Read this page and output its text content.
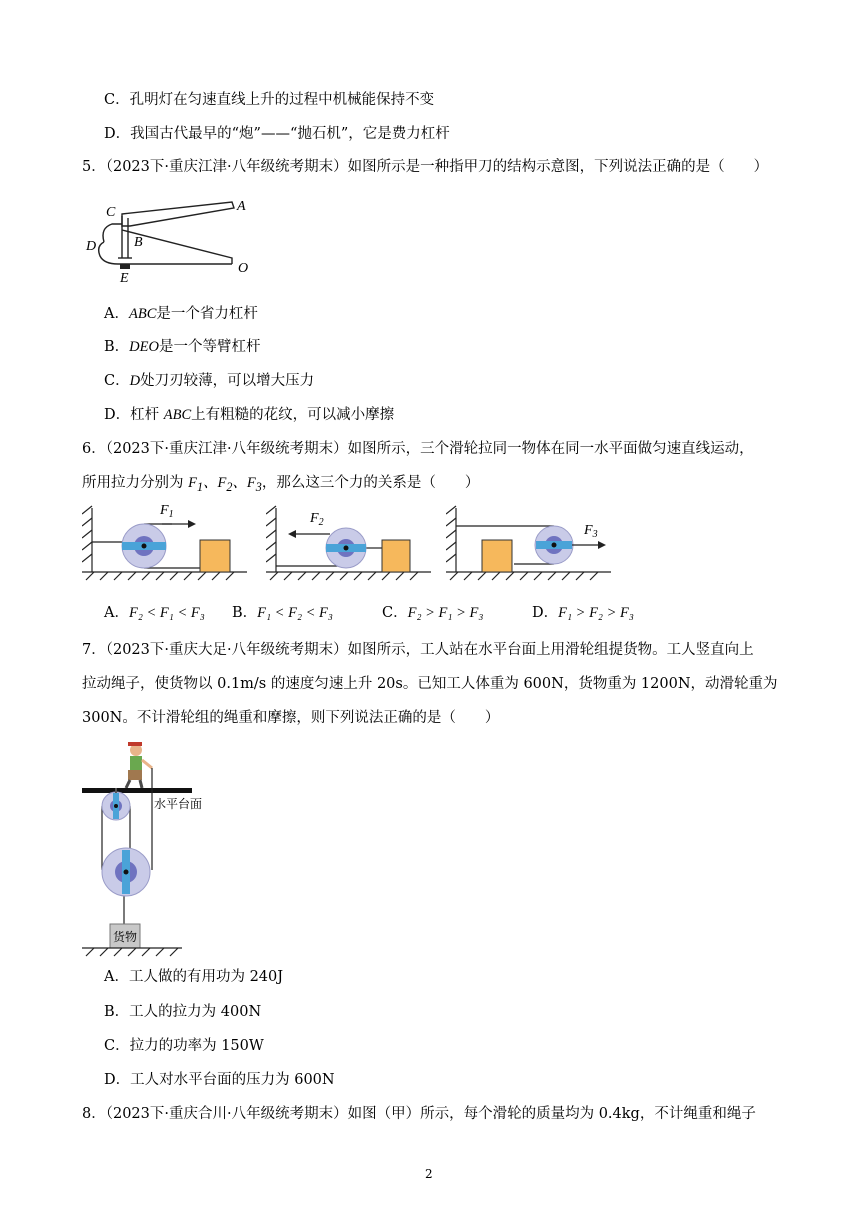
C．孔明灯在匀速直线上升的过程中机械能保持不变
D．我国古代最早的“炮”——“抛石机”，它是费力杠杆
5．（2023下·重庆江津·八年级统考期末）如图所示是一种指甲刀的结构示意图，下列说法正确的是（　　）
C	A
D	B
O
E
A．ABC是一个省力杠杆
B．DEO是一个等臂杠杆
C．D处刀刃较薄，可以增大压力
D．杠杆 ABC上有粗糙的花纹，可以减小摩擦
6．（2023下·重庆江津·八年级统考期末）如图所示，三个滑轮拉同一物体在同一水平面做匀速直线运动，
所用拉力分别为 $F_1$、$F_2$、$F_3$，那么这三个力的关系是（　　）
$F_1$	$F_2$
$F_3$
A．F₂ < F₁ < F₃ B．F₁ < F₂ < F₃	C．F₂ > F₁ > F₃	D．F₁ > F₂ > F₃
7．（2023下·重庆大足·八年级统考期末）如图所示，工人站在水平台面上用滑轮组提货物。工人竖直向上
拉动绳子，使货物以 0.1m/s 的速度匀速上升 20s。已知工人体重为 600N，货物重为 1200N，动滑轮重为
300N。不计滑轮组的绳重和摩擦，则下列说法正确的是（　　）
水平台面
货物
A．工人做的有用功为 240J
B．工人的拉力为 400N
C．拉力的功率为 150W
D．工人对水平台面的压力为 600N
8．（2023下·重庆合川·八年级统考期末）如图（甲）所示，每个滑轮的质量均为 0.4kg，不计绳重和绳子
2
